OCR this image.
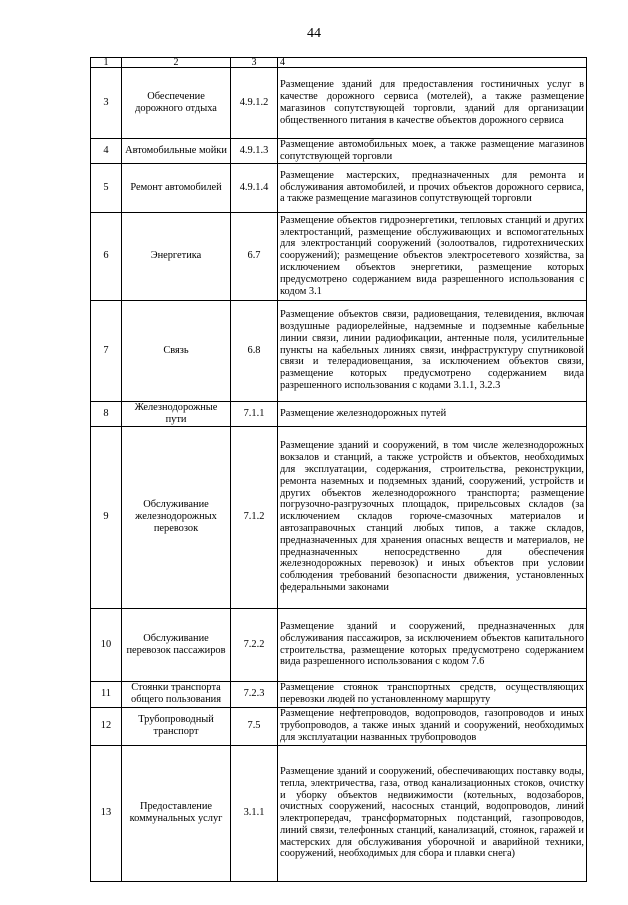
44
1	2	3	4
3	Обеспечение дорожного отдыха	4.9.1.2	Размещение зданий для предоставления гостиничных услуг в качестве дорожного сервиса (мотелей), а также размещение магазинов сопутствующей торговли, зданий для организации общественного питания в качестве объектов дорожного сервиса
4	Автомобильные мойки	4.9.1.3	Размещение автомобильных моек, а также размещение магазинов сопутствующей торговли
5	Ремонт автомобилей	4.9.1.4	Размещение мастерских, предназначенных для ремонта и обслуживания автомобилей, и прочих объектов дорожного сервиса, а также размещение магазинов сопутствующей торговли
6	Энергетика	6.7	Размещение объектов гидроэнергетики, тепловых станций и других электростанций, размещение обслуживающих и вспомогательных для электростанций сооружений (золоотвалов, гидротехнических сооружений); размещение объектов электросетевого хозяйства, за исключением объектов энергетики, размещение которых предусмотрено содержанием вида разрешенного использования с кодом 3.1
7	Связь	6.8	Размещение объектов связи, радиовещания, телевидения, включая воздушные радиорелейные, надземные и подземные кабельные линии связи, линии радиофикации, антенные поля, усилительные пункты на кабельных линиях связи, инфраструктуру спутниковой связи и телерадиовещания, за исключением объектов связи, размещение которых предусмотрено содержанием вида разрешенного использования с кодами 3.1.1, 3.2.3
8	Железнодорожные пути	7.1.1	Размещение железнодорожных путей
9	Обслуживание железнодорожных перевозок	7.1.2	Размещение зданий и сооружений, в том числе железнодорожных вокзалов и станций, а также устройств и объектов, необходимых для эксплуатации, содержания, строительства, реконструкции, ремонта наземных и подземных зданий, сооружений, устройств и других объектов железнодорожного транспорта; размещение погрузочно-разгрузочных площадок, прирельсовых складов (за исключением складов горюче-смазочных материалов и автозаправочных станций любых типов, а также складов, предназначенных для хранения опасных веществ и материалов, не предназначенных непосредственно для обеспечения железнодорожных перевозок) и иных объектов при условии соблюдения требований безопасности движения, установленных федеральными законами
10	Обслуживание перевозок пассажиров	7.2.2	Размещение зданий и сооружений, предназначенных для обслуживания пассажиров, за исключением объектов капитального строительства, размещение которых предусмотрено содержанием вида разрешенного использования с кодом 7.6
11	Стоянки транспорта общего пользования	7.2.3	Размещение стоянок транспортных средств, осуществляющих перевозки людей по установленному маршруту
12	Трубопроводный транспорт	7.5	Размещение нефтепроводов, водопроводов, газопроводов и иных трубопроводов, а также иных зданий и сооружений, необходимых для эксплуатации названных трубопроводов
13	Предоставление коммунальных услуг	3.1.1	Размещение зданий и сооружений, обеспечивающих поставку воды, тепла, электричества, газа, отвод канализационных стоков, очистку и уборку объектов недвижимости (котельных, водозаборов, очистных сооружений, насосных станций, водопроводов, линий электропередач, трансформаторных подстанций, газопроводов, линий связи, телефонных станций, канализаций, стоянок, гаражей и мастерских для обслуживания уборочной и аварийной техники, сооружений, необходимых для сбора и плавки снега)
